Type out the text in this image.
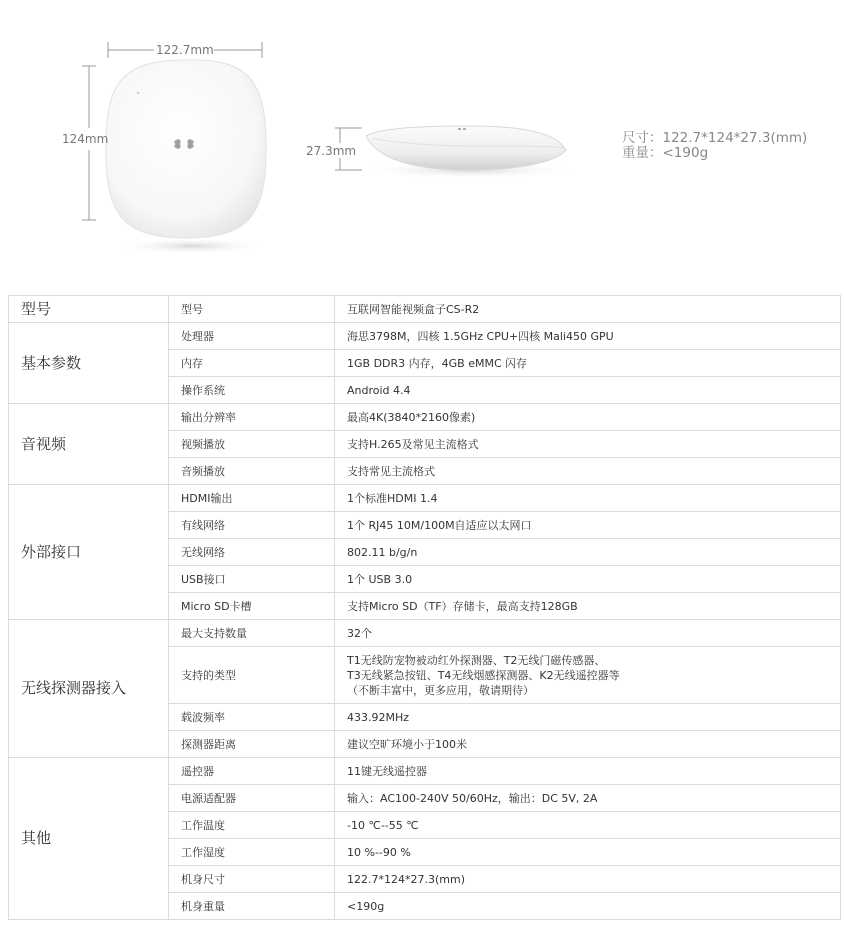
122.7mm
124mm
27.3mm
尺寸：122.7*124*27.3(mm)
重量：<190g
型号	型号	互联网智能视频盒子CS-R2
基本参数	处理器	海思3798M，四核 1.5GHz CPU+四核 Mali450 GPU
	内存	1GB DDR3 内存，4GB eMMC 闪存
	操作系统	Android 4.4
音视频	输出分辨率	最高4K(3840*2160像素)
	视频播放	支持H.265及常见主流格式
	音频播放	支持常见主流格式
外部接口	HDMI输出	1个标准HDMI 1.4
	有线网络	1个 RJ45 10M/100M自适应以太网口
	无线网络	802.11 b/g/n
	USB接口	1个 USB 3.0
	Micro SD卡槽	支持Micro SD（TF）存储卡，最高支持128GB
无线探测器接入	最大支持数量	32个
	支持的类型	T1无线防宠物被动红外探测器、T2无线门磁传感器、
T3无线紧急按钮、T4无线烟感探测器、K2无线遥控器等
（不断丰富中，更多应用，敬请期待）

	载波频率	433.92MHz
	探测器距离	建议空旷环境小于100米
其他	遥控器	11键无线遥控器
	电源适配器	输入：AC100-240V 50/60Hz，输出：DC 5V, 2A
	工作温度	-10 ℃--55 ℃
	工作湿度	10 %--90 %
	机身尺寸	122.7*124*27.3(mm)
	机身重量	<190g
